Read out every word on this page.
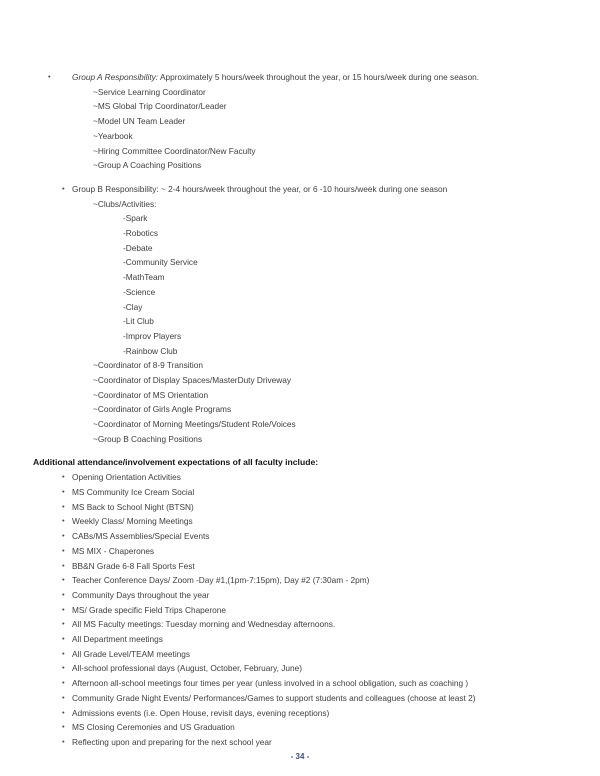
•	Group A Responsibility: Approximately 5 hours/week throughout the year, or 15 hours/week during one season.
~Service Learning Coordinator
~MS Global Trip Coordinator/Leader
~Model UN Team Leader
~Yearbook
~Hiring Committee Coordinator/New Faculty
~Group A Coaching Positions
• Group B Responsibility: ~ 2-4 hours/week throughout the year, or 6 -10 hours/week during one season
~Clubs/Activities:
-Spark
-Robotics
-Debate
-Community Service
-MathTeam
-Science
-Clay
-Lit Club
-Improv Players
-Rainbow Club
~Coordinator of 8-9 Transition
~Coordinator of Display Spaces/MasterDuty Driveway
~Coordinator of MS Orientation
~Coordinator of Girls Angle Programs
~Coordinator of Morning Meetings/Student Role/Voices
~Group B Coaching Positions
Additional attendance/involvement expectations of all faculty include:
• Opening Orientation Activities
• MS Community Ice Cream Social
• MS Back to School Night (BTSN)
• Weekly Class/ Morning Meetings
• CABs/MS Assemblies/Special Events
• MS MIX - Chaperones
• BB&N Grade 6-8 Fall Sports Fest
• Teacher Conference Days/ Zoom -Day #1,(1pm-7:15pm), Day #2 (7:30am - 2pm)
• Community Days throughout the year
• MS/ Grade specific Field Trips Chaperone
• All MS Faculty meetings: Tuesday morning and Wednesday afternoons.
• All Department meetings
• All Grade Level/TEAM meetings
• All-school professional days (August, October, February, June)
• Afternoon all-school meetings four times per year (unless involved in a school obligation, such as coaching )
• Community Grade Night Events/ Performances/Games to support students and colleagues (choose at least 2)
• Admissions events (i.e. Open House, revisit days, evening receptions)
• MS Closing Ceremonies and US Graduation
• Reflecting upon and preparing for the next school year
- 34 -
